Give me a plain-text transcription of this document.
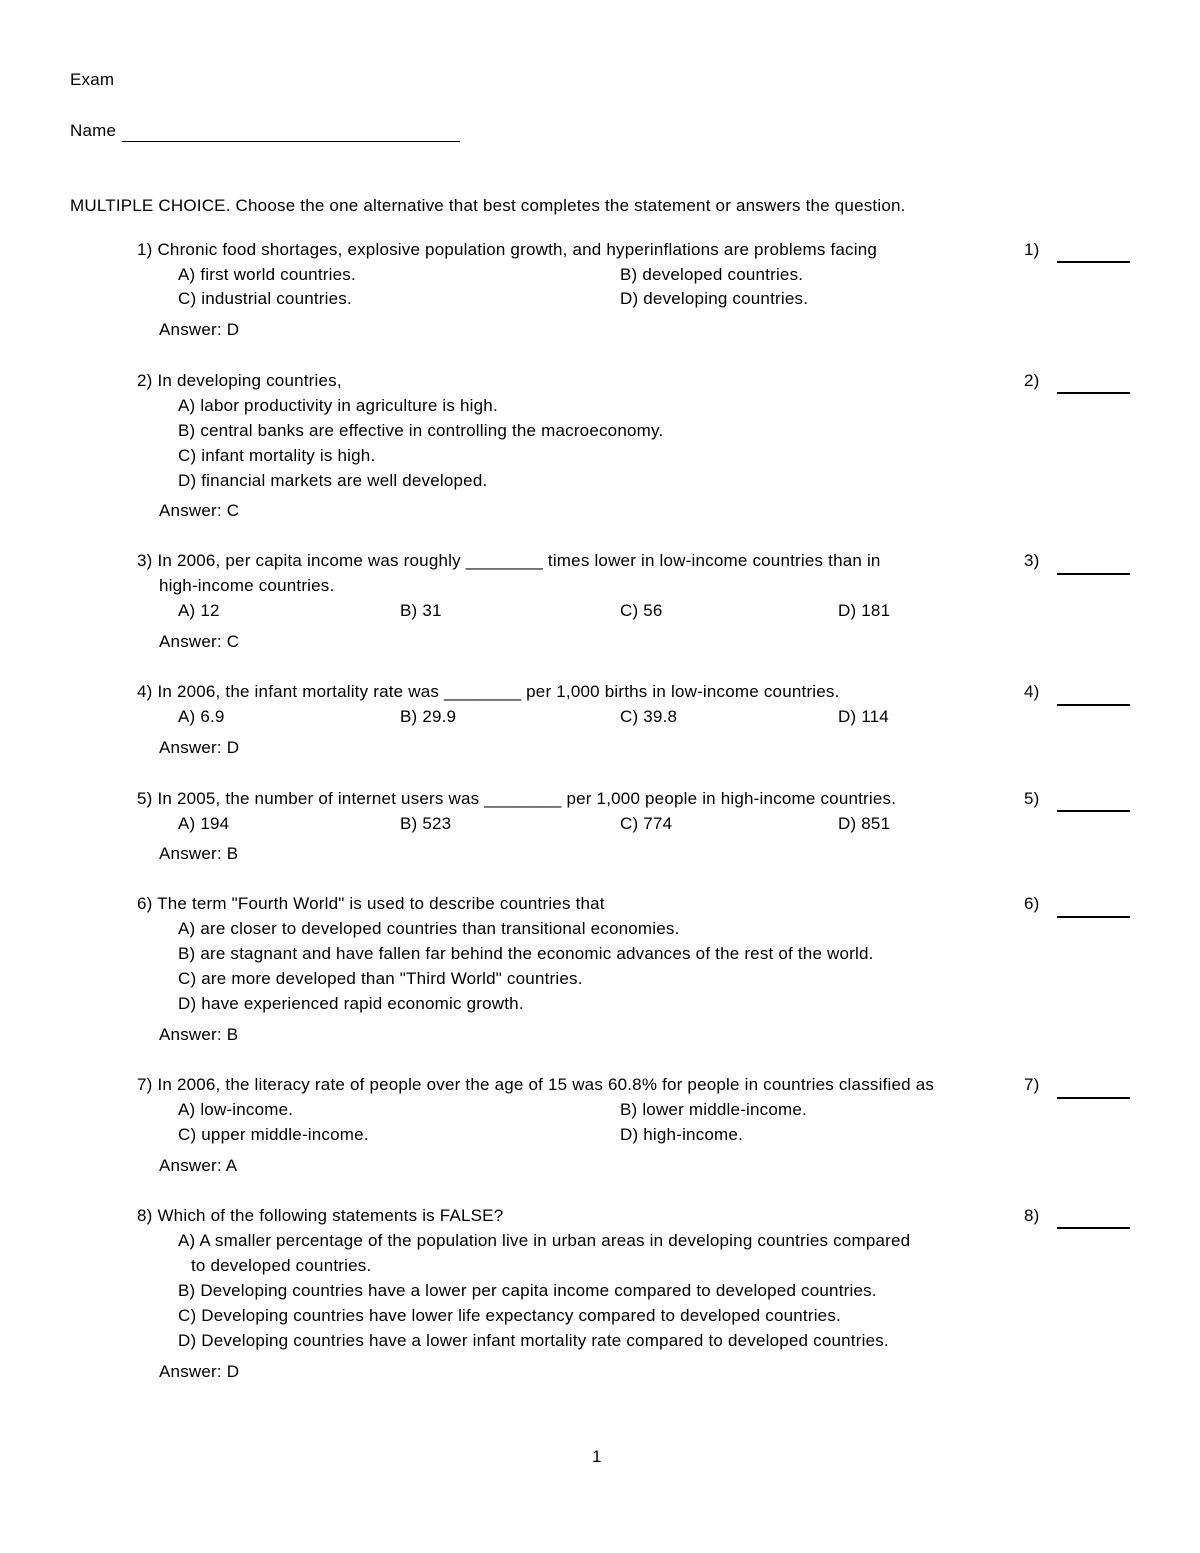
Exam
Name
MULTIPLE CHOICE. Choose the one alternative that best completes the statement or answers the question.
1) Chronic food shortages, explosive population growth, and hyperinflations are problems facing
A) first world countries.	B) developed countries.
C) industrial countries.	D) developing countries.
Answer: D
1)
2) In developing countries,
A) labor productivity in agriculture is high.
B) central banks are effective in controlling the macroeconomy.
C) infant mortality is high.
D) financial markets are well developed.
Answer: C
2)
3) In 2006, per capita income was roughly ________ times lower in low-income countries than in
high-income countries.
A) 12	B) 31	C) 56	D) 181
Answer: C
3)
4) In 2006, the infant mortality rate was ________ per 1,000 births in low-income countries.
A) 6.9	B) 29.9	C) 39.8	D) 114
Answer: D
4)
5) In 2005, the number of internet users was ________ per 1,000 people in high-income countries.
A) 194	B) 523	C) 774	D) 851
Answer: B
5)
6) The term "Fourth World" is used to describe countries that
A) are closer to developed countries than transitional economies.
B) are stagnant and have fallen far behind the economic advances of the rest of the world.
C) are more developed than "Third World" countries.
D) have experienced rapid economic growth.
Answer: B
6)
7) In 2006, the literacy rate of people over the age of 15 was 60.8% for people in countries classified as
A) low-income.	B) lower middle-income.
C) upper middle-income.	D) high-income.
Answer: A
7)
8) Which of the following statements is FALSE?
A) A smaller percentage of the population live in urban areas in developing countries compared
to developed countries.
B) Developing countries have a lower per capita income compared to developed countries.
C) Developing countries have lower life expectancy compared to developed countries.
D) Developing countries have a lower infant mortality rate compared to developed countries.
Answer: D
8)
1
